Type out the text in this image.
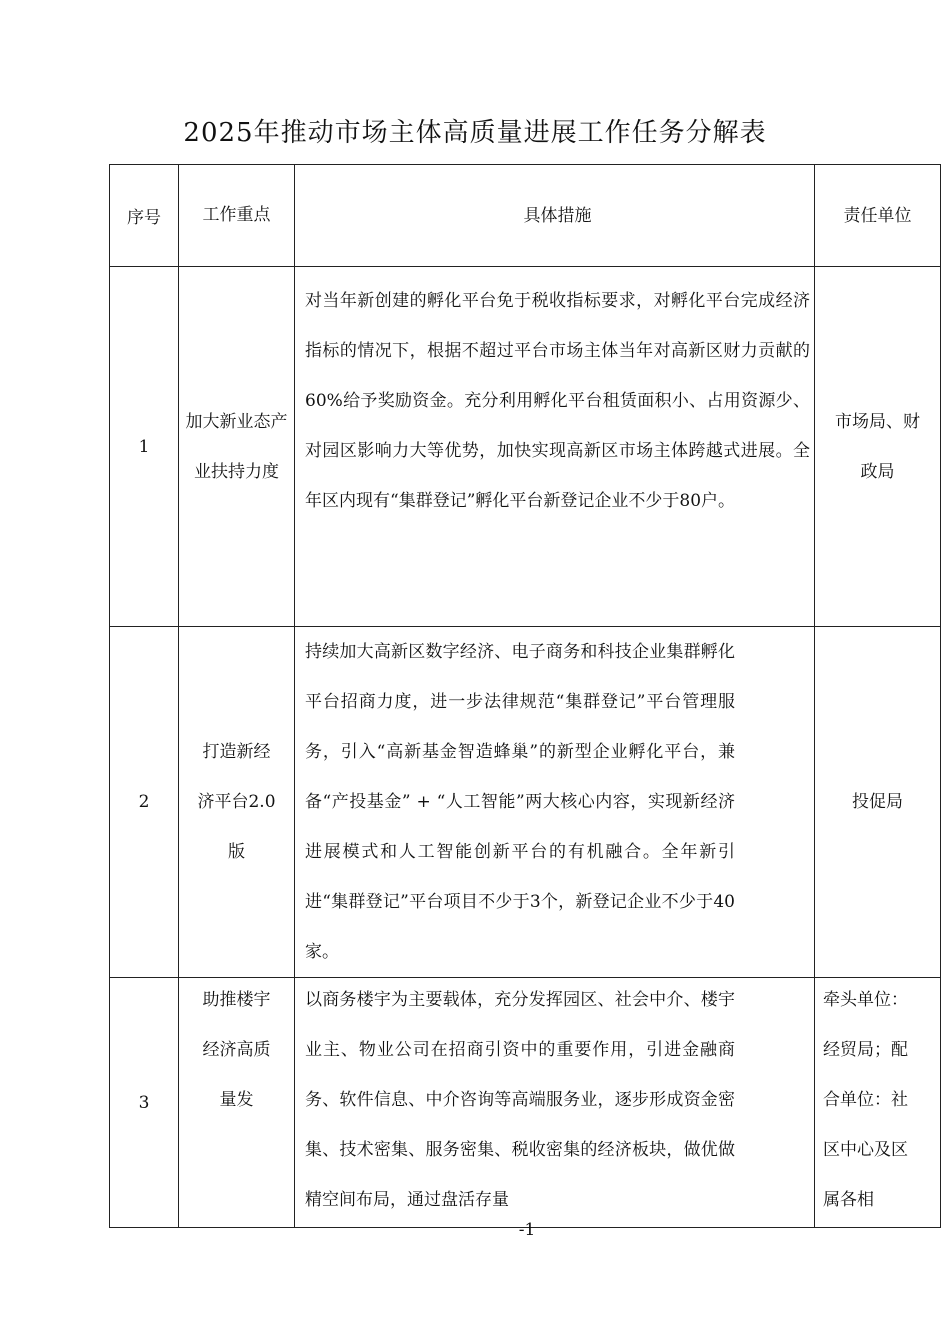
2025年推动市场主体高质量进展工作任务分解表
序号	工作重点	具体措施	责任单位
1	加大新业态产业扶持力度	对当年新创建的孵化平台免于税收指标要求，对孵化平台完成经济指标的情况下，根据不超过平台市场主体当年对高新区财力贡献的60%给予奖励资金。充分利用孵化平台租赁面积小、占用资源少、对园区影响力大等优势，加快实现高新区市场主体跨越式进展。全年区内现有“集群登记”孵化平台新登记企业不少于80户。	市场局、财政局

2	打造新经济平台2.0版	持续加大高新区数字经济、电子商务和科技企业集群孵化平台招商力度，进一步法律规范“集群登记”平台管理服务，引入“高新基金智造蜂巢”的新型企业孵化平台，兼备“产投基金” + “人工智能”两大核心内容，实现新经济进展模式和人工智能创新平台的有机融合。全年新引进“集群登记”平台项目不少于3个，新登记企业不少于40家。	投促局

3	助推楼宇经济高质量发	以商务楼宇为主要载体，充分发挥园区、社会中介、楼宇业主、物业公司在招商引资中的重要作用，引进金融商务、软件信息、中介咨询等高端服务业，逐步形成资金密集、技术密集、服务密集、税收密集的经济板块，做优做精空间布局，通过盘活存量	牵头单位：经贸局；配合单位：社区中心及区属各相
-1
